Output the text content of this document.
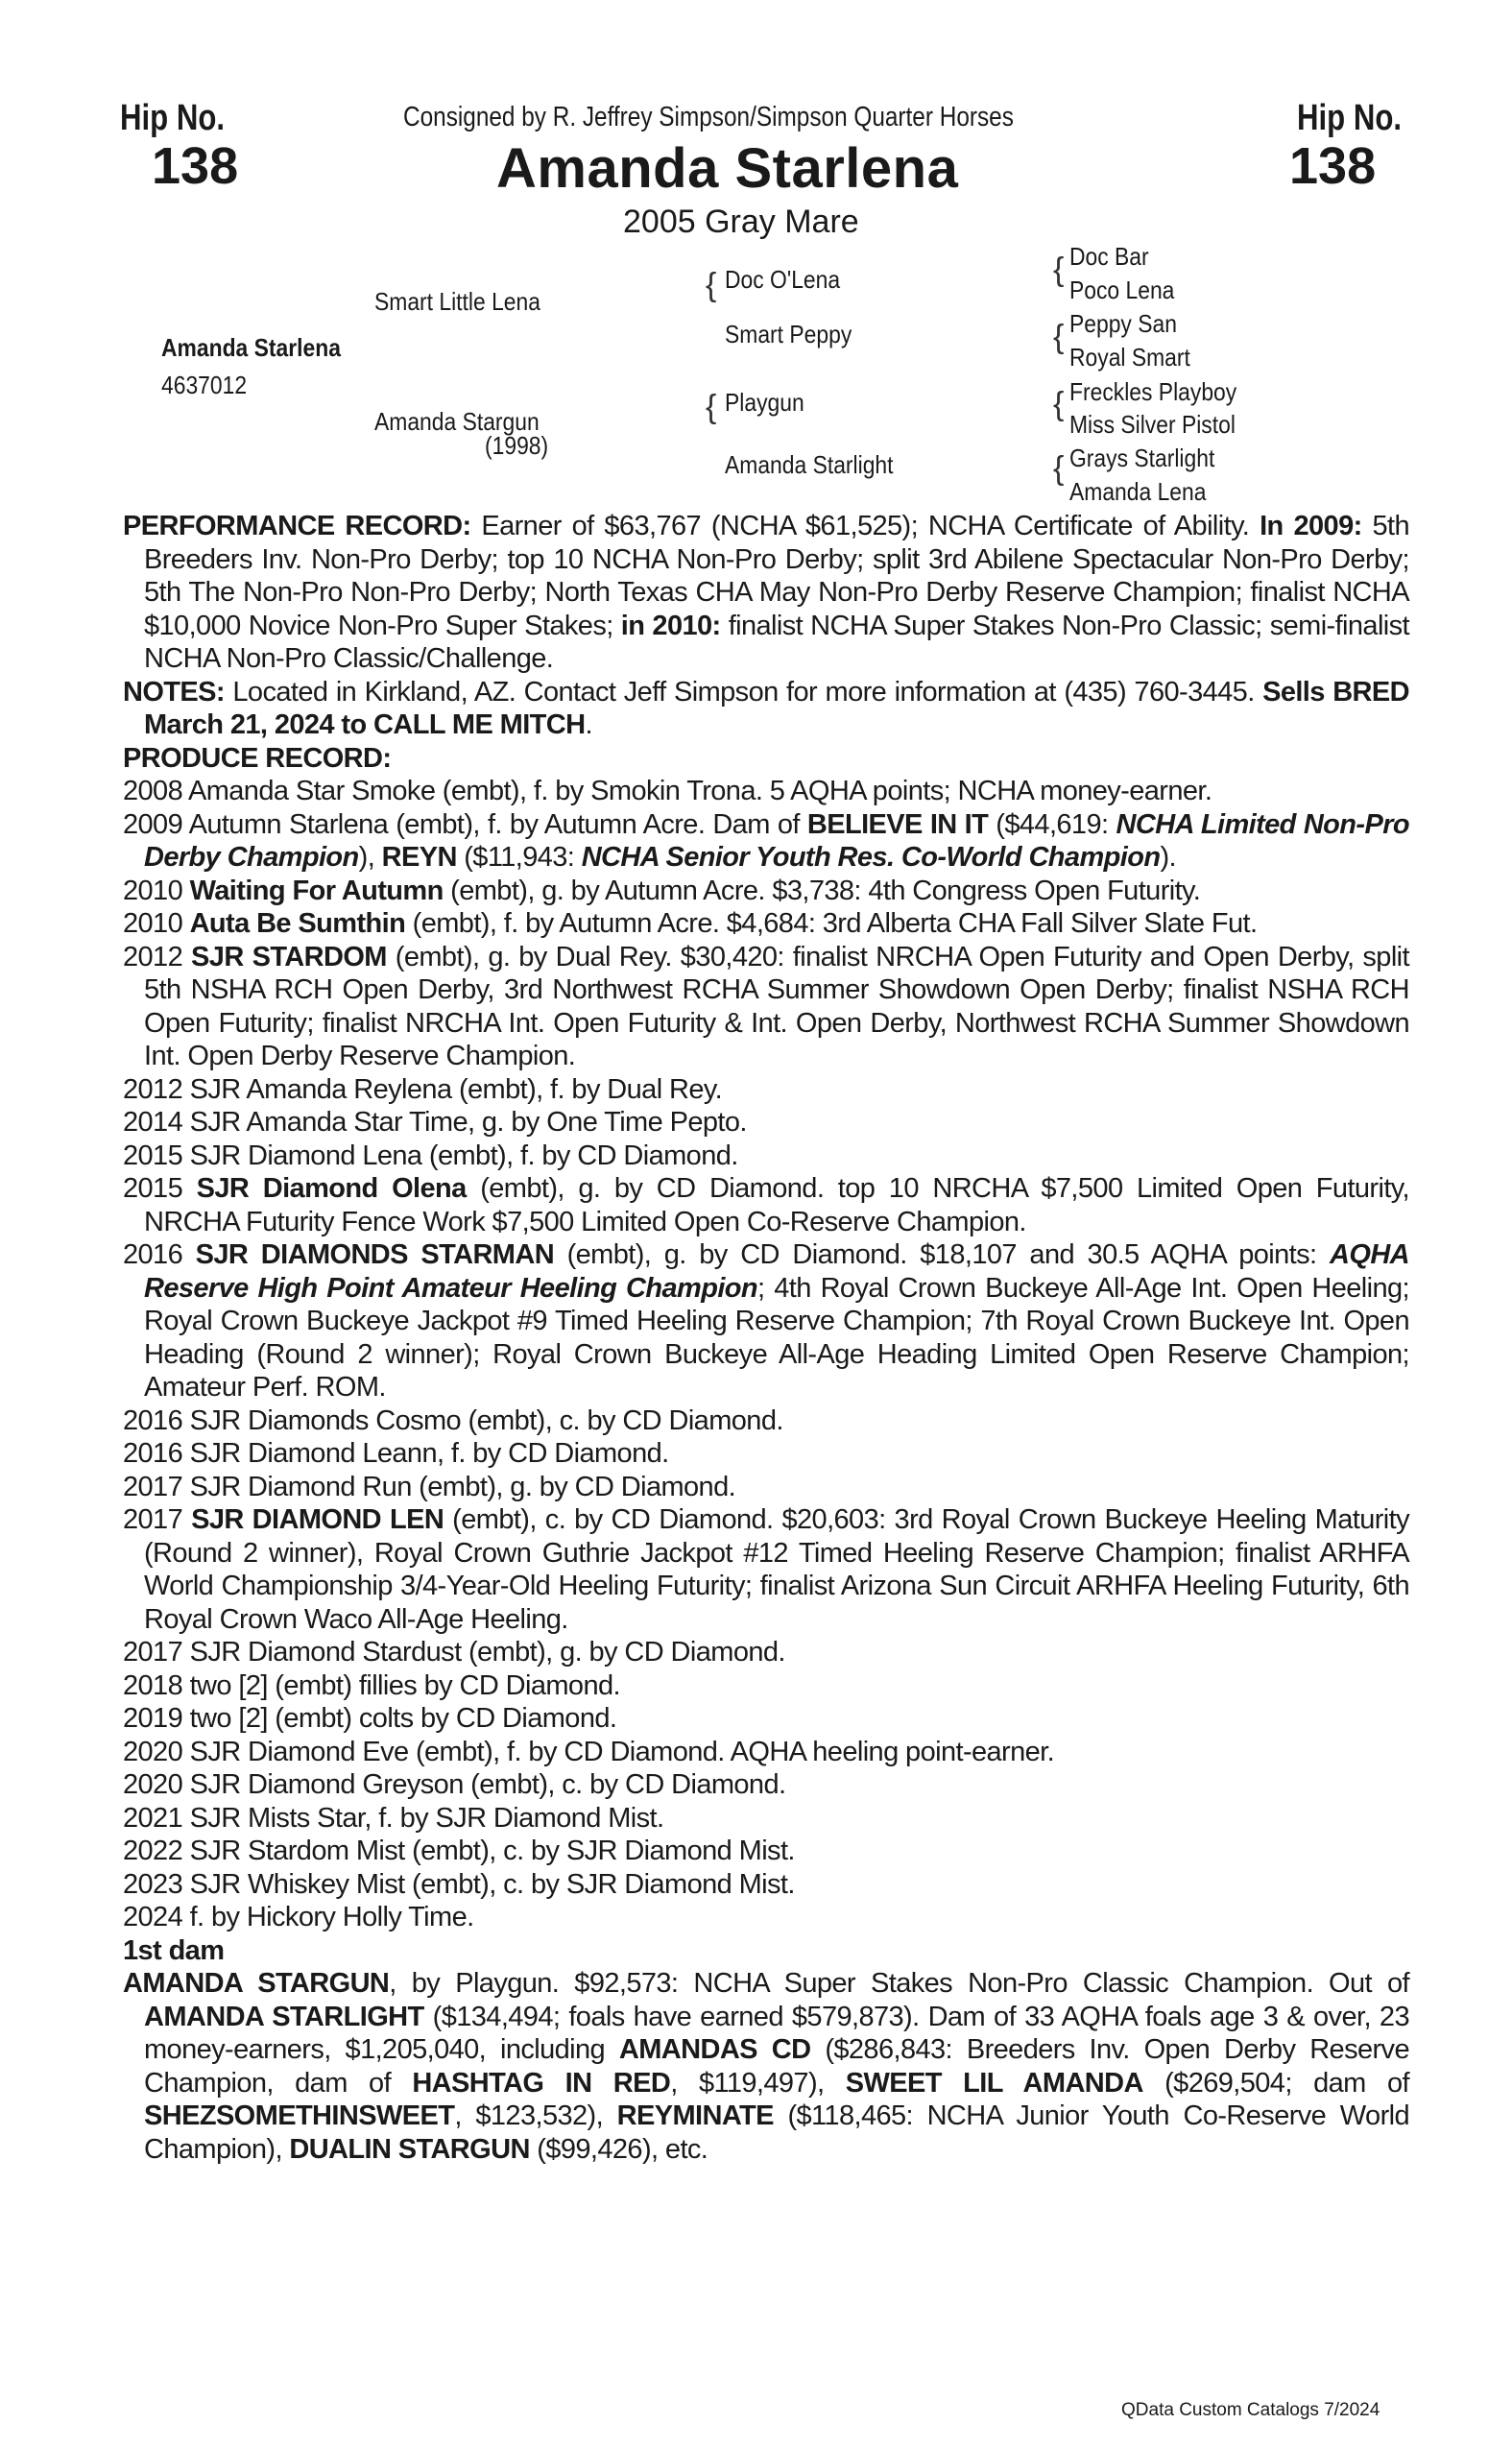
Hip No.
138
Hip No.
138
Consigned by R. Jeffrey Simpson/Simpson Quarter Horses
Amanda Starlena
2005 Gray Mare
Amanda Starlena
4637012
Smart Little Lena
Amanda Stargun
(1998)
{
{
Doc O'Lena
Smart Peppy
Playgun
Amanda Starlight
{
{
{
{
Doc Bar
Poco Lena
Peppy San
Royal Smart
Freckles Playboy
Miss Silver Pistol
Grays Starlight
Amanda Lena

PERFORMANCE RECORD: Earner of $63,767 (NCHA $61,525); NCHA Certificate of Ability. In 2009: 5th Breeders Inv. Non-Pro Derby; top 10 NCHA Non-Pro Derby; split 3rd Abilene Spectacular Non-Pro Derby; 5th The Non-Pro Non-Pro Derby; North Texas CHA May Non-Pro Derby Reserve Champion; finalist NCHA $10,000 Novice Non-Pro Super Stakes; in 2010: finalist NCHA Super Stakes Non-Pro Classic; semi-finalist NCHA Non-Pro Classic/Challenge.

NOTES: Located in Kirkland, AZ. Contact Jeff Simpson for more information at (435) 760-3445. Sells BRED March 21, 2024 to CALL ME MITCH.

PRODUCE RECORD:

2008 Amanda Star Smoke (embt), f. by Smokin Trona. 5 AQHA points; NCHA money-earner.

2009 Autumn Starlena (embt), f. by Autumn Acre. Dam of BELIEVE IN IT ($44,619: NCHA Limited Non-Pro Derby Champion), REYN ($11,943: NCHA Senior Youth Res. Co-World Champion).

2010 Waiting For Autumn (embt), g. by Autumn Acre. $3,738: 4th Congress Open Futurity.

2010 Auta Be Sumthin (embt), f. by Autumn Acre. $4,684: 3rd Alberta CHA Fall Silver Slate Fut.

2012 SJR STARDOM (embt), g. by Dual Rey. $30,420: finalist NRCHA Open Futurity and Open Derby, split 5th NSHA RCH Open Derby, 3rd Northwest RCHA Summer Showdown Open Derby; finalist NSHA RCH Open Futurity; finalist NRCHA Int. Open Futurity & Int. Open Derby, Northwest RCHA Summer Showdown Int. Open Derby Reserve Champion.

2012 SJR Amanda Reylena (embt), f. by Dual Rey.

2014 SJR Amanda Star Time, g. by One Time Pepto.

2015 SJR Diamond Lena (embt), f. by CD Diamond.

2015 SJR Diamond Olena (embt), g. by CD Diamond. top 10 NRCHA $7,500 Limited Open Futurity, NRCHA Futurity Fence Work $7,500 Limited Open Co-Reserve Champion.

2016 SJR DIAMONDS STARMAN (embt), g. by CD Diamond. $18,107 and 30.5 AQHA points: AQHA Reserve High Point Amateur Heeling Champion; 4th Royal Crown Buckeye All-Age Int. Open Heeling; Royal Crown Buckeye Jackpot #9 Timed Heeling Reserve Champion; 7th Royal Crown Buckeye Int. Open Heading (Round 2 winner); Royal Crown Buckeye All-Age Heading Limited Open Reserve Champion; Amateur Perf. ROM.

2016 SJR Diamonds Cosmo (embt), c. by CD Diamond.

2016 SJR Diamond Leann, f. by CD Diamond.

2017 SJR Diamond Run (embt), g. by CD Diamond.

2017 SJR DIAMOND LEN (embt), c. by CD Diamond. $20,603: 3rd Royal Crown Buckeye Heeling Maturity (Round 2 winner), Royal Crown Guthrie Jackpot #12 Timed Heeling Reserve Champion; finalist ARHFA World Championship 3/4-Year-Old Heeling Futurity; finalist Arizona Sun Circuit ARHFA Heeling Futurity, 6th Royal Crown Waco All-Age Heeling.

2017 SJR Diamond Stardust (embt), g. by CD Diamond.

2018 two [2] (embt) fillies by CD Diamond.

2019 two [2] (embt) colts by CD Diamond.

2020 SJR Diamond Eve (embt), f. by CD Diamond. AQHA heeling point-earner.

2020 SJR Diamond Greyson (embt), c. by CD Diamond.

2021 SJR Mists Star, f. by SJR Diamond Mist.

2022 SJR Stardom Mist (embt), c. by SJR Diamond Mist.

2023 SJR Whiskey Mist (embt), c. by SJR Diamond Mist.

2024 f. by Hickory Holly Time.

1st dam

AMANDA STARGUN, by Playgun. $92,573: NCHA Super Stakes Non-Pro Classic Champion. Out of AMANDA STARLIGHT ($134,494; foals have earned $579,873). Dam of 33 AQHA foals age 3 & over, 23 money-earners, $1,205,040, including AMANDAS CD ($286,843: Breeders Inv. Open Derby Reserve Champion, dam of HASHTAG IN RED, $119,497), SWEET LIL AMANDA ($269,504; dam of SHEZSOMETHINSWEET, $123,532), REYMINATE ($118,465: NCHA Junior Youth Co-Reserve World Champion), DUALIN STARGUN ($99,426), etc.

QData Custom Catalogs 7/2024
